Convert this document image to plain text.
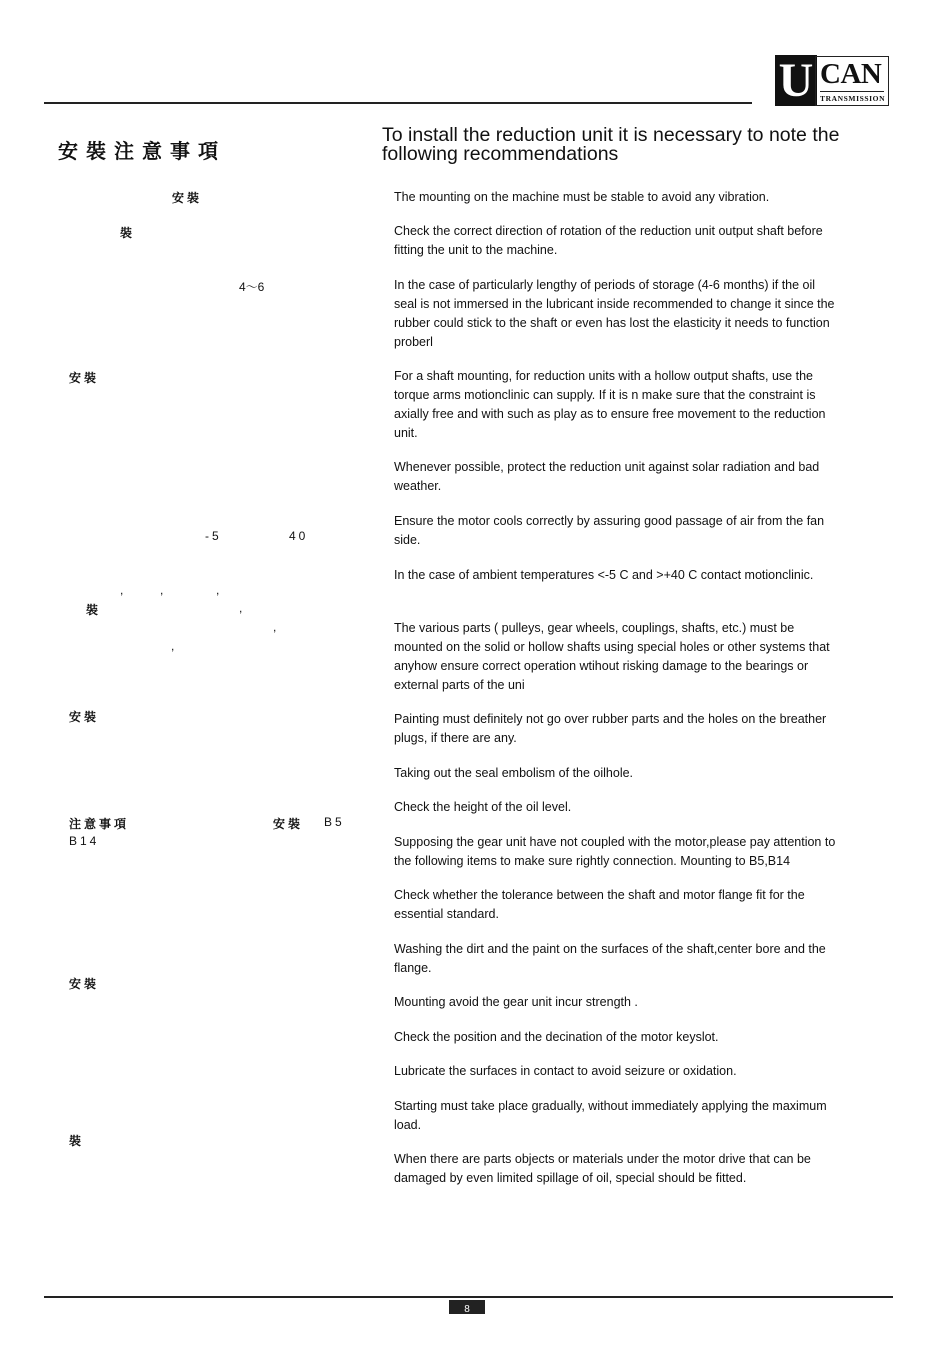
U CAN
TRANSMISSION
安裝注意事項
To install the reduction unit it is necessary to note the following recommendations
安裝
裝
4～6
安裝
-5	40
,	,	,
裝	,
,
,
安裝
注意事項	安裝 B5
B14
安裝
裝
The mounting on the machine must be stable to avoid any vibration.
Check the correct direction of rotation of the reduction unit output shaft before fitting the unit to the machine.
In the case of particularly lengthy of periods of storage (4-6 months) if the oil seal is not immersed in the lubricant inside recommended to change it since the rubber could stick to the shaft or even has lost the elasticity it needs to function proberl
For a shaft mounting, for reduction units with a hollow output shafts, use the torque arms motionclinic can supply. If it is n make sure that the constraint is axially free and with such as play as to ensure free movement to the reduction unit.
Whenever possible, protect the reduction unit against solar radiation and bad weather.
Ensure the motor cools correctly by assuring good passage of air from the fan side.
In the case of ambient temperatures <-5 C and >+40 C contact motionclinic.
The various parts ( pulleys, gear wheels, couplings, shafts, etc.) must be mounted on the solid or hollow shafts using special holes or other systems that anyhow ensure correct operation wtihout risking damage to the bearings or external parts of the uni
Painting must definitely not go over rubber parts and the holes on the breather plugs, if there are any.
Taking out the seal embolism of the oilhole.
Check the height of the oil level.
Supposing the gear unit have not coupled with the motor,please pay attention to the following items to make sure rightly connection. Mounting to B5,B14
Check whether the tolerance between the shaft and motor flange fit for the essential standard.
Washing the dirt and the paint on the surfaces of the shaft,center bore and the flange.
Mounting avoid the gear unit incur strength .
Check the position and the decination of the motor keyslot.
Lubricate the surfaces in contact to avoid seizure or oxidation.
Starting must take place gradually, without immediately applying the maximum load.
When there are parts objects or materials under the motor drive that can be damaged by even limited spillage of oil, special should be fitted.
8
